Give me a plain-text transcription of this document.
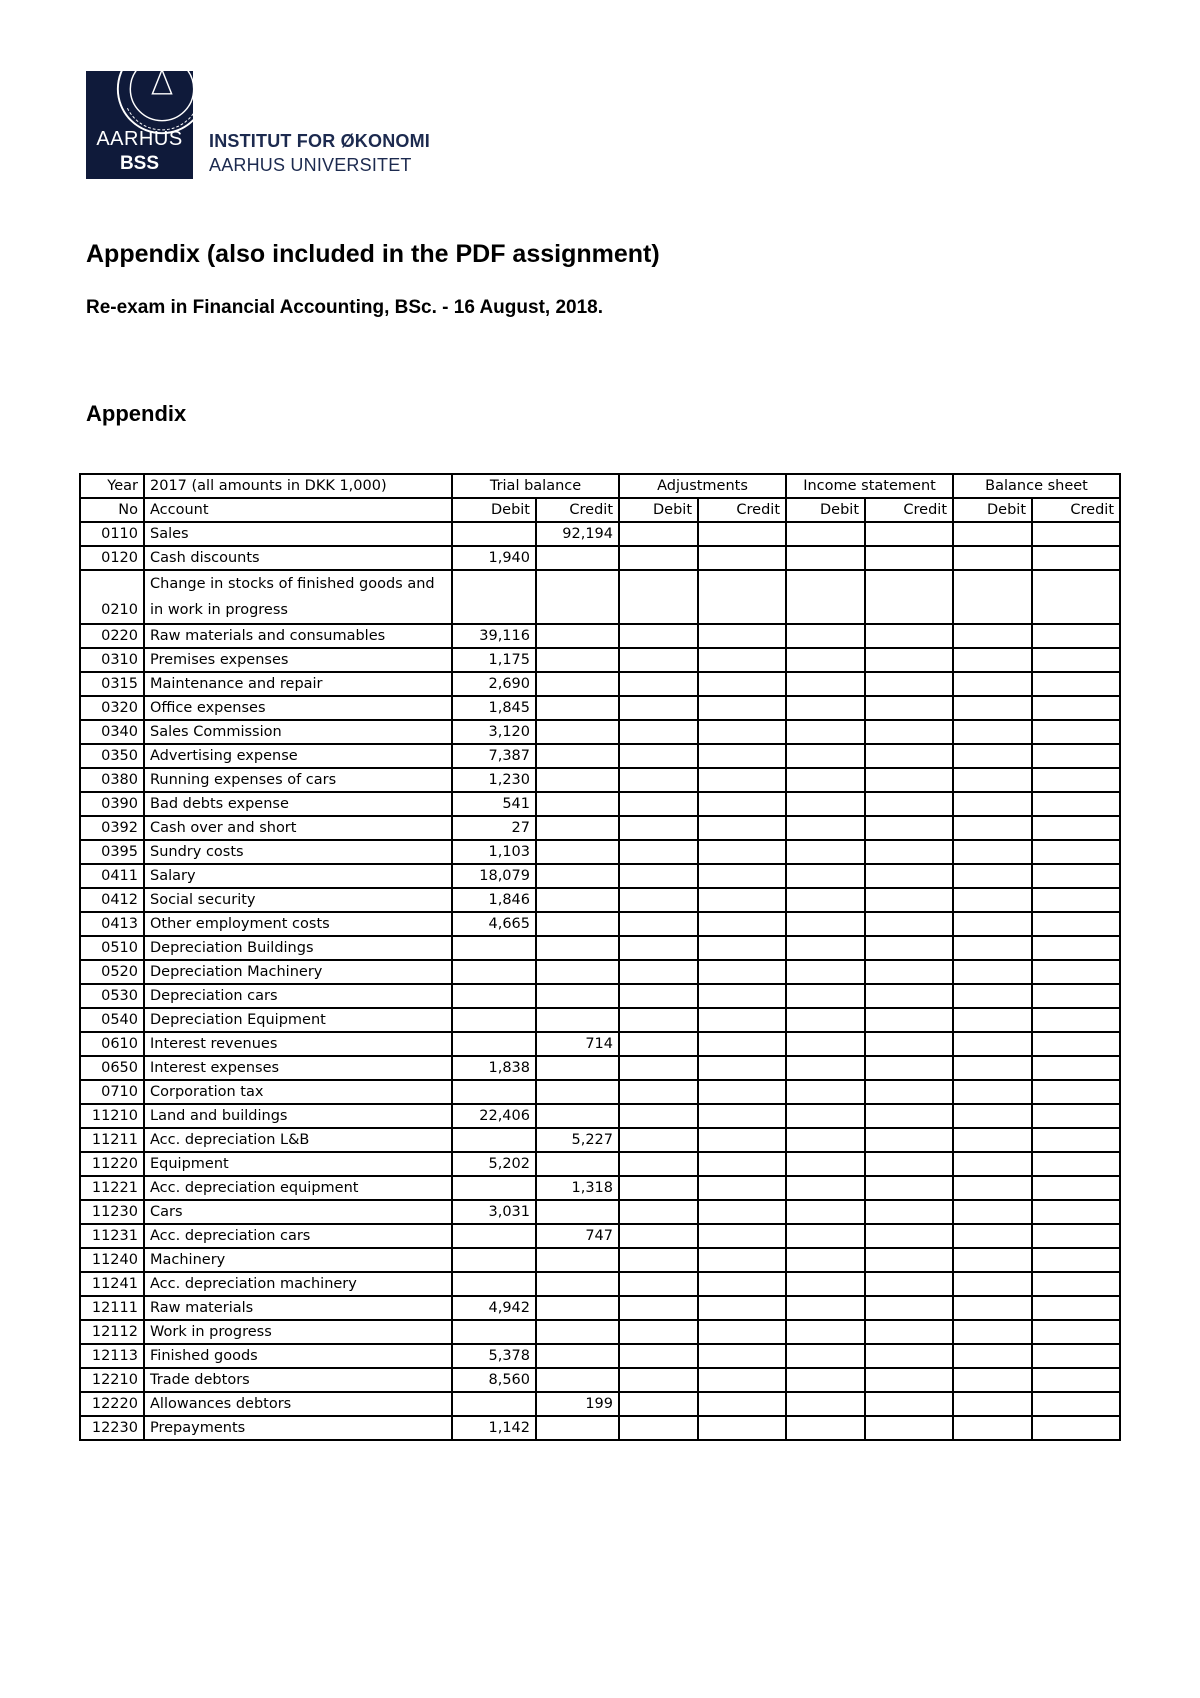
AARHUS
BSS
INSTITUT FOR ØKONOMI
AARHUS UNIVERSITET
Appendix (also included in the PDF assignment)
Re-exam in Financial Accounting, BSc. - 16 August, 2018.
Appendix
Year	2017 (all amounts in DKK 1,000)	Trial balance		Adjustments		Income statement		Balance sheet	
No	Account	Debit	Credit	Debit	Credit	Debit	Credit	Debit	Credit
0110	Sales		92,194						
0120	Cash discounts	1,940							
0210	Change in stocks of finished goods and in work in progress								
0220	Raw materials and consumables	39,116							
0310	Premises expenses	1,175							
0315	Maintenance and repair	2,690							
0320	Office expenses	1,845							
0340	Sales Commission	3,120							
0350	Advertising expense	7,387							
0380	Running expenses of cars	1,230							
0390	Bad debts expense	541							
0392	Cash over and short	27							
0395	Sundry costs	1,103							
0411	Salary	18,079							
0412	Social security	1,846							
0413	Other employment costs	4,665							
0510	Depreciation Buildings								
0520	Depreciation Machinery								
0530	Depreciation cars								
0540	Depreciation Equipment								
0610	Interest revenues		714						
0650	Interest expenses	1,838							
0710	Corporation tax								
11210	Land and buildings	22,406							
11211	Acc. depreciation L&B		5,227						
11220	Equipment	5,202							
11221	Acc. depreciation equipment		1,318						
11230	Cars	3,031							
11231	Acc. depreciation cars		747						
11240	Machinery								
11241	Acc. depreciation machinery								
12111	Raw materials	4,942							
12112	Work in progress								
12113	Finished goods	5,378							
12210	Trade debtors	8,560							
12220	Allowances debtors		199						
12230	Prepayments	1,142							
